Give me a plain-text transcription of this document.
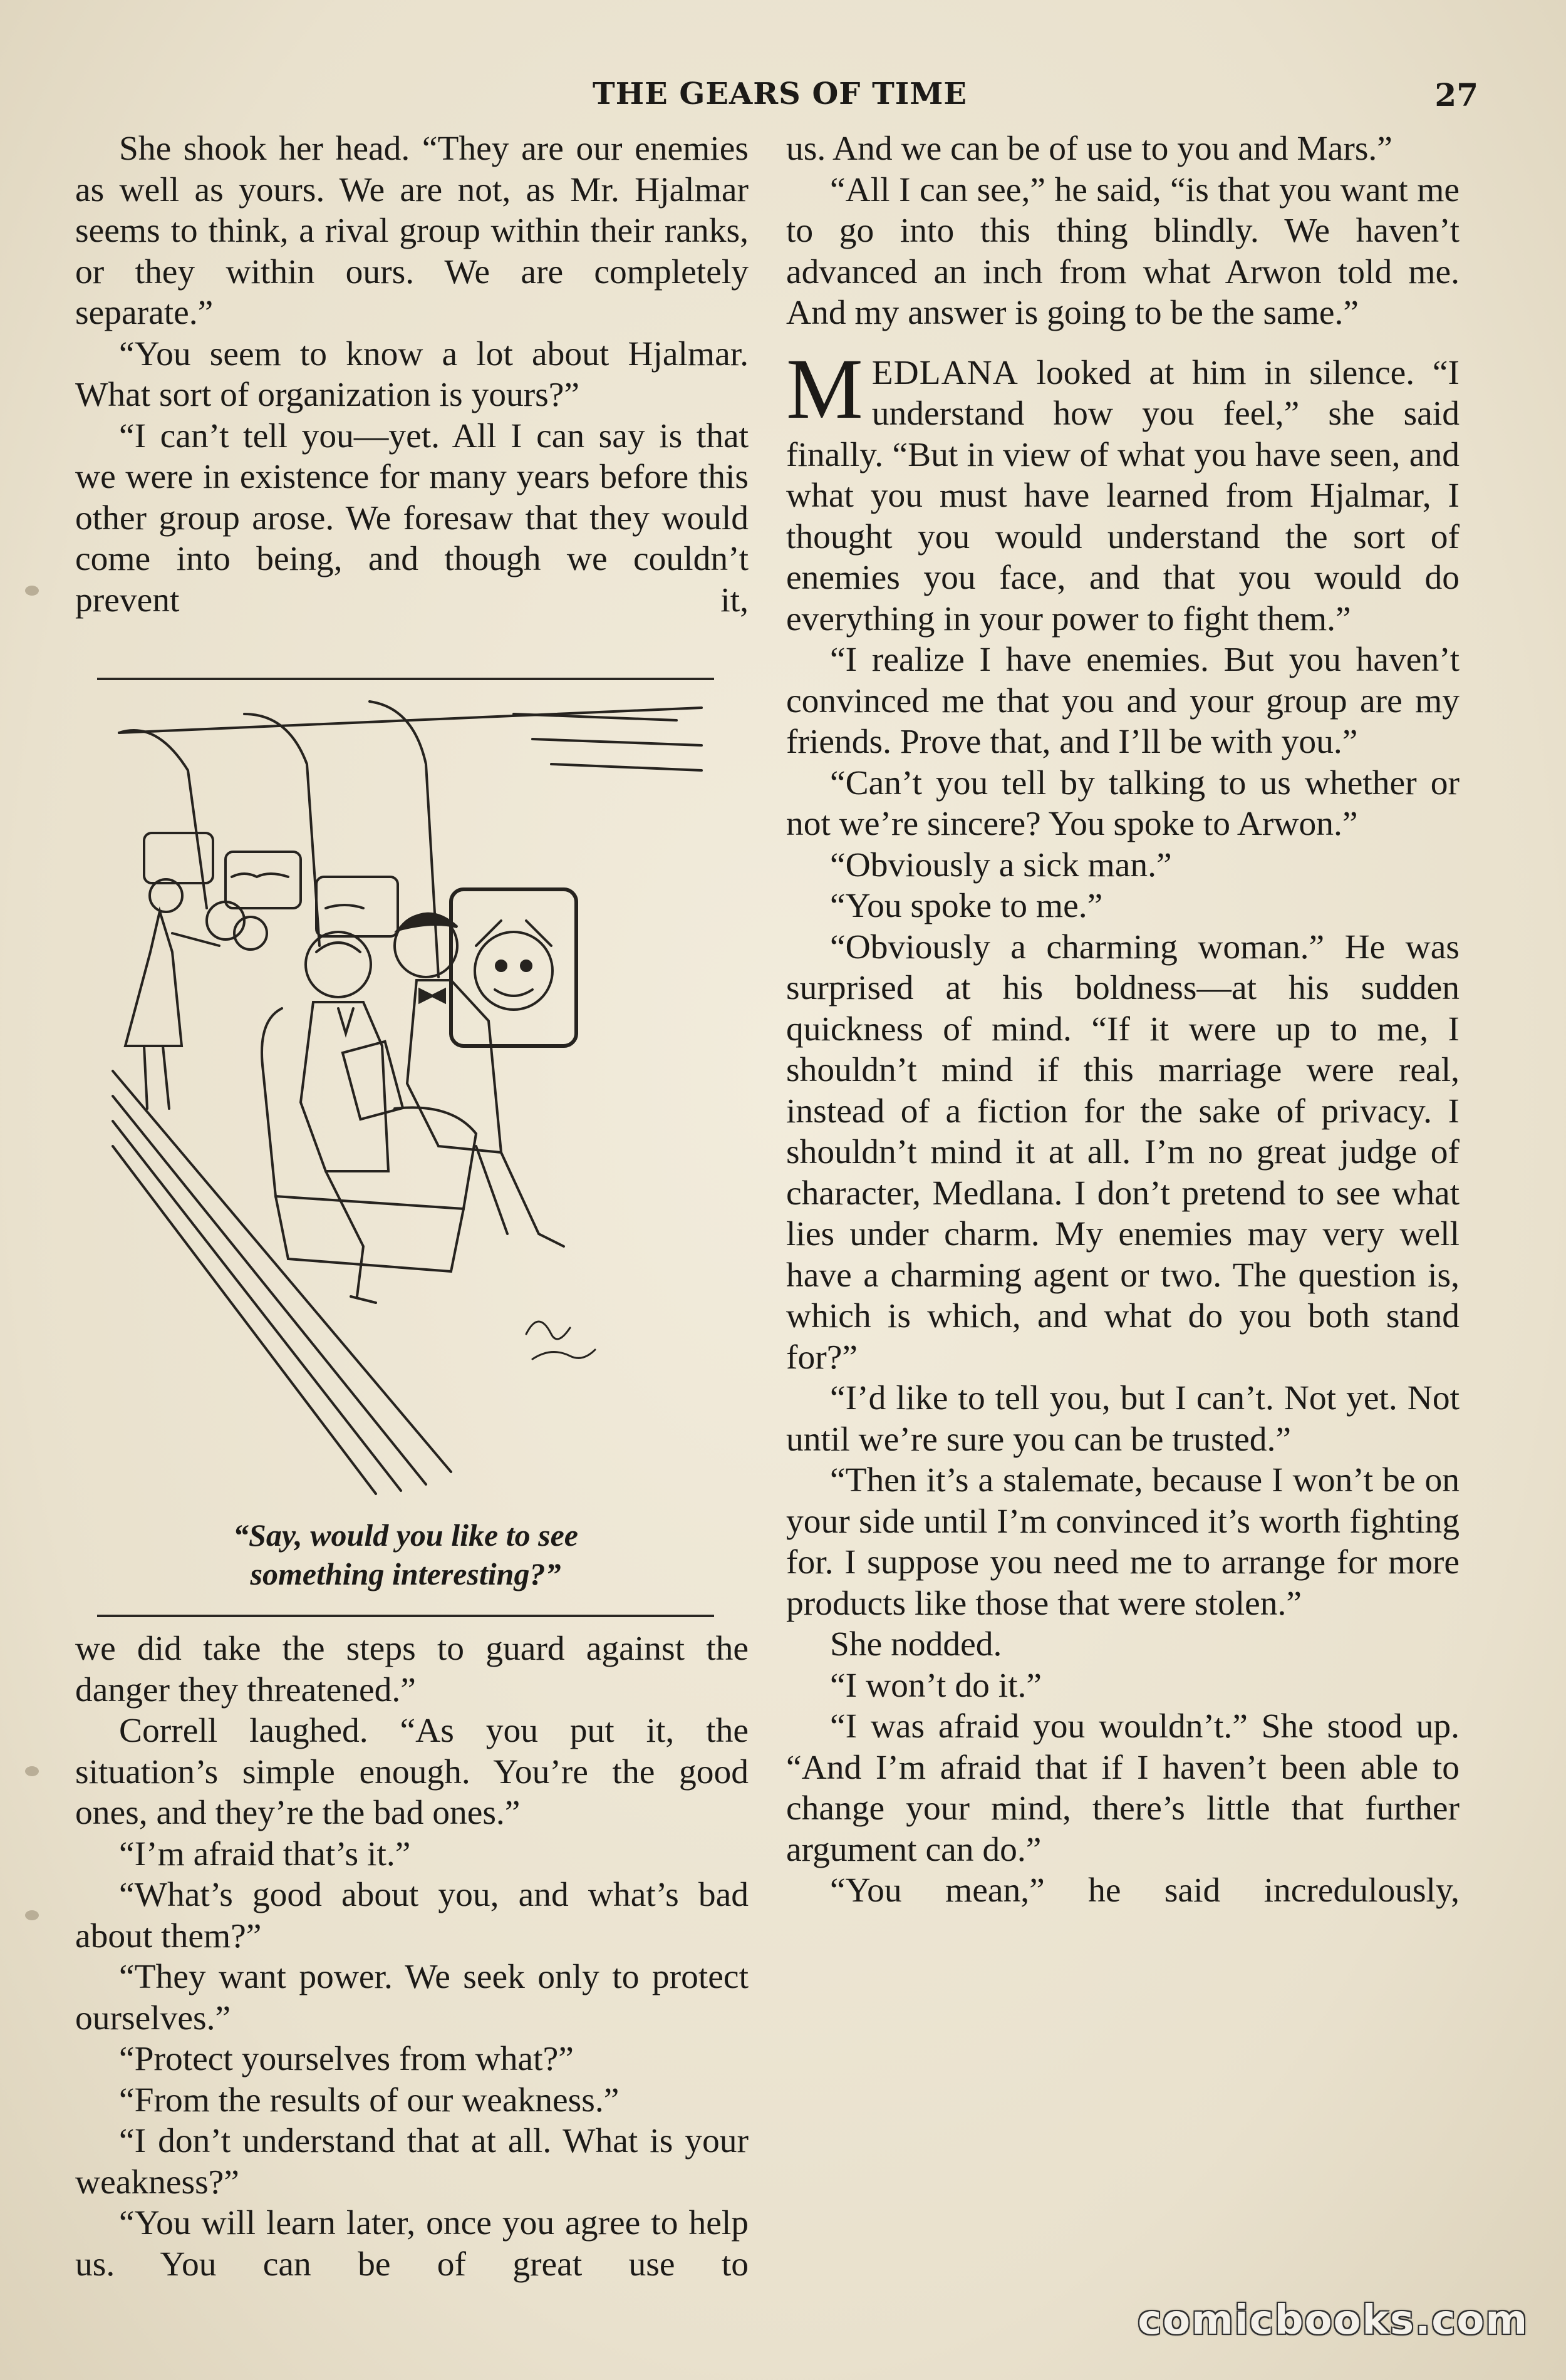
THE GEARS OF TIME	27

She shook her head. “They are our enemies as well as yours. We are not, as Mr. Hjalmar seems to think, a rival group within their ranks, or they within ours. We are completely separate.”

“You seem to know a lot about Hjalmar. What sort of organization is yours?”

“I can’t tell you—yet. All I can say is that we were in existence for many years before this other group arose. We foresaw that they would come into being, and though we couldn’t prevent it,

“Say, would you like to see
something interesting?”

we did take the steps to guard against the danger they threatened.”

Correll laughed. “As you put it, the situation’s simple enough. You’re the good ones, and they’re the bad ones.”

“I’m afraid that’s it.”

“What’s good about you, and what’s bad about them?”

“They want power. We seek only to protect ourselves.”

“Protect yourselves from what?”

“From the results of our weakness.”

“I don’t understand that at all. What is your weakness?”

“You will learn later, once you agree to help us. You can be of great use to

us. And we can be of use to you and Mars.”

“All I can see,” he said, “is that you want me to go into this thing blindly. We haven’t advanced an inch from what Arwon told me. And my answer is going to be the same.”

MEDLANA looked at him in silence. “I understand how you feel,” she said finally. “But in view of what you have seen, and what you must have learned from Hjalmar, I thought you would understand the sort of enemies you face, and that you would do everything in your power to fight them.”

“I realize I have enemies. But you haven’t convinced me that you and your group are my friends. Prove that, and I’ll be with you.”

“Can’t you tell by talking to us whether or not we’re sincere? You spoke to Arwon.”

“Obviously a sick man.”

“You spoke to me.”

“Obviously a charming woman.” He was surprised at his boldness—at his sudden quickness of mind. “If it were up to me, I shouldn’t mind if this marriage were real, instead of a fiction for the sake of privacy. I shouldn’t mind it at all. I’m no great judge of character, Medlana. I don’t pretend to see what lies under charm. My enemies may very well have a charming agent or two. The question is, which is which, and what do you both stand for?”

“I’d like to tell you, but I can’t. Not yet. Not until we’re sure you can be trusted.”

“Then it’s a stalemate, because I won’t be on your side until I’m convinced it’s worth fighting for. I suppose you need me to arrange for more products like those that were stolen.”

She nodded.

“I won’t do it.”

“I was afraid you wouldn’t.” She stood up. “And I’m afraid that if I haven’t been able to change your mind, there’s little that further argument can do.”

“You mean,” he said incredulously,

comicbooks.com
